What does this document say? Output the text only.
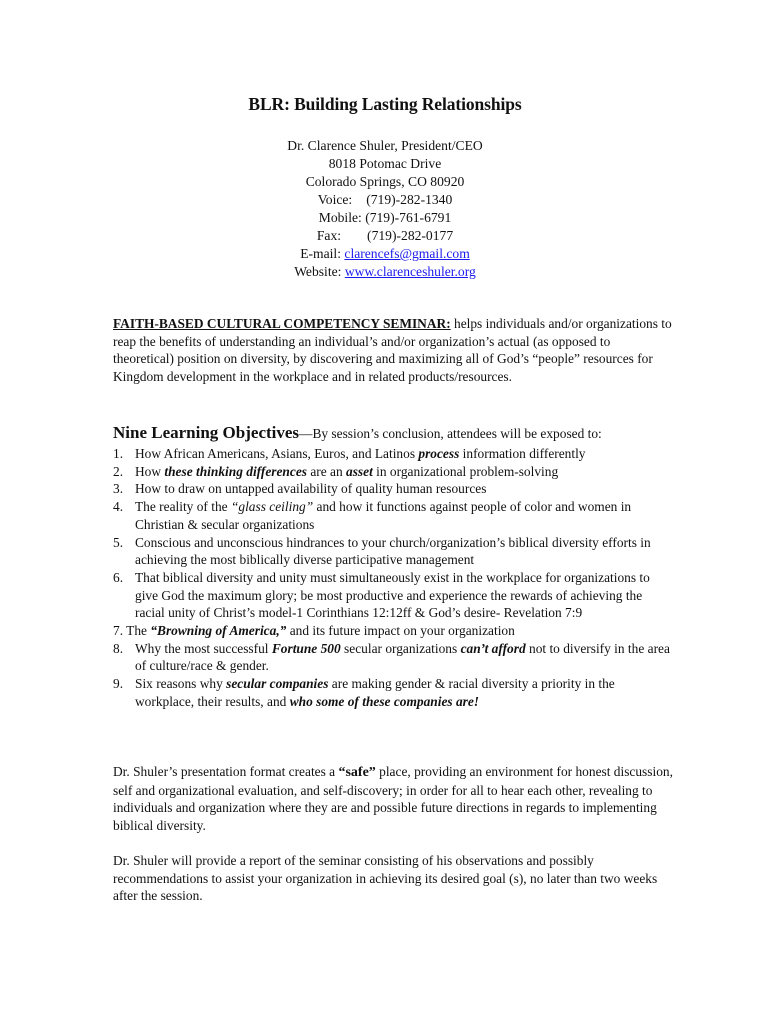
BLR: Building Lasting Relationships
Dr. Clarence Shuler, President/CEO
8018 Potomac Drive
Colorado Springs, CO 80920
Voice: (719)-282-1340
Mobile: (719)-761-6791
Fax: (719)-282-0177
E-mail: clarencefs@gmail.com
Website: www.clarenceshuler.org
FAITH-BASED CULTURAL COMPETENCY SEMINAR: helps individuals and/or organizations to reap the benefits of understanding an individual’s and/or organization’s actual (as opposed to theoretical) position on diversity, by discovering and maximizing all of God’s “people” resources for Kingdom development in the workplace and in related products/resources.
Nine Learning Objectives—By session’s conclusion, attendees will be exposed to:
1. How African Americans, Asians, Euros, and Latinos process information differently
2. How these thinking differences are an asset in organizational problem-solving
3. How to draw on untapped availability of quality human resources
4. The reality of the “glass ceiling” and how it functions against people of color and women in Christian & secular organizations
5. Conscious and unconscious hindrances to your church/organization’s biblical diversity efforts in achieving the most biblically diverse participative management
6. That biblical diversity and unity must simultaneously exist in the workplace for organizations to give God the maximum glory; be most productive and experience the rewards of achieving the racial unity of Christ’s model-1 Corinthians 12:12ff & God’s desire- Revelation 7:9
7. The “Browning of America,” and its future impact on your organization
8. Why the most successful Fortune 500 secular organizations can’t afford not to diversify in the area of culture/race & gender.
9. Six reasons why secular companies are making gender & racial diversity a priority in the workplace, their results, and who some of these companies are!
Dr. Shuler’s presentation format creates a “safe” place, providing an environment for honest discussion, self and organizational evaluation, and self-discovery; in order for all to hear each other, revealing to individuals and organization where they are and possible future directions in regards to implementing biblical diversity.
Dr. Shuler will provide a report of the seminar consisting of his observations and possibly recommendations to assist your organization in achieving its desired goal (s), no later than two weeks after the session.
